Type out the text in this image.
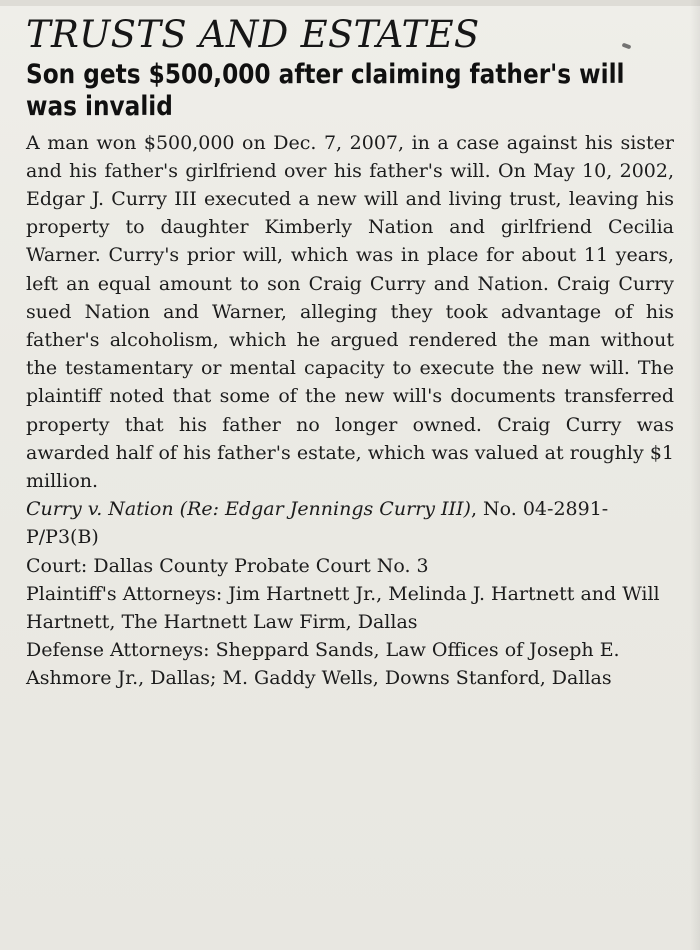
TRUSTS AND ESTATES
Son gets $500,000 after claiming father's will was invalid

A man won $500,000 on Dec. 7, 2007, in a case against his sister and his father's girlfriend over his father's will. On May 10, 2002, Edgar J. Curry III executed a new will and living trust, leaving his property to daughter Kimberly Nation and girlfriend Cecilia Warner. Curry's prior will, which was in place for about 11 years, left an equal amount to son Craig Curry and Nation. Craig Curry sued Nation and Warner, alleging they took advantage of his father's alcoholism, which he argued rendered the man without the testamentary or mental capacity to execute the new will. The plaintiff noted that some of the new will's documents transferred property that his father no longer owned. Craig Curry was awarded half of his father's estate, which was valued at roughly $1 million.

Curry v. Nation (Re: Edgar Jennings Curry III), No. 04-2891-P/P3(B)

Court: Dallas County Probate Court No. 3

Plaintiff's Attorneys: Jim Hartnett Jr., Melinda J. Hartnett and Will Hartnett, The Hartnett Law Firm, Dallas

Defense Attorneys: Sheppard Sands, Law Offices of Joseph E. Ashmore Jr., Dallas; M. Gaddy Wells, Downs Stanford, Dallas
